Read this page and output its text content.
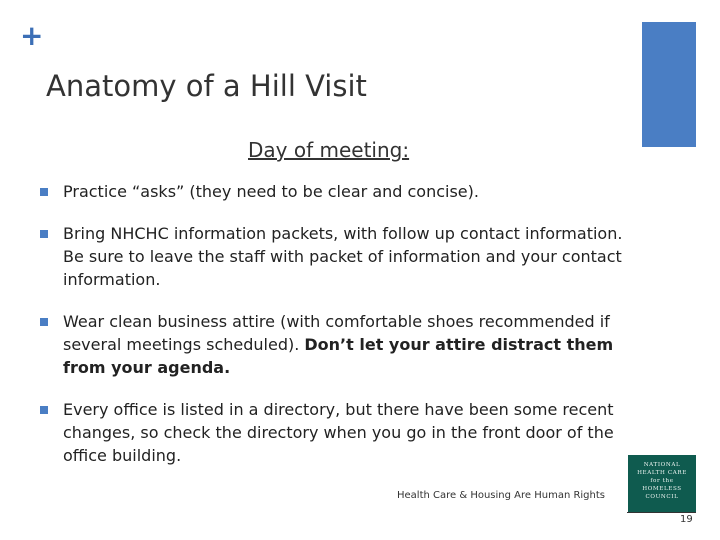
+
Anatomy of a Hill Visit
Day of meeting:
Practice “asks” (they need to be clear and concise).
Bring NHCHC information packets, with follow up contact information. Be sure to leave the staff with packet of information and your contact information.
Wear clean business attire (with comfortable shoes recommended if several meetings scheduled). Don’t let your attire distract them from your agenda.
Every office is listed in a directory, but there have been some recent changes, so check the directory when you go in the front door of the office building.	NATIONAL
HEALTH CARE
for the
HOMELESS
COUNCIL
Health Care & Housing Are Human Rights
19
